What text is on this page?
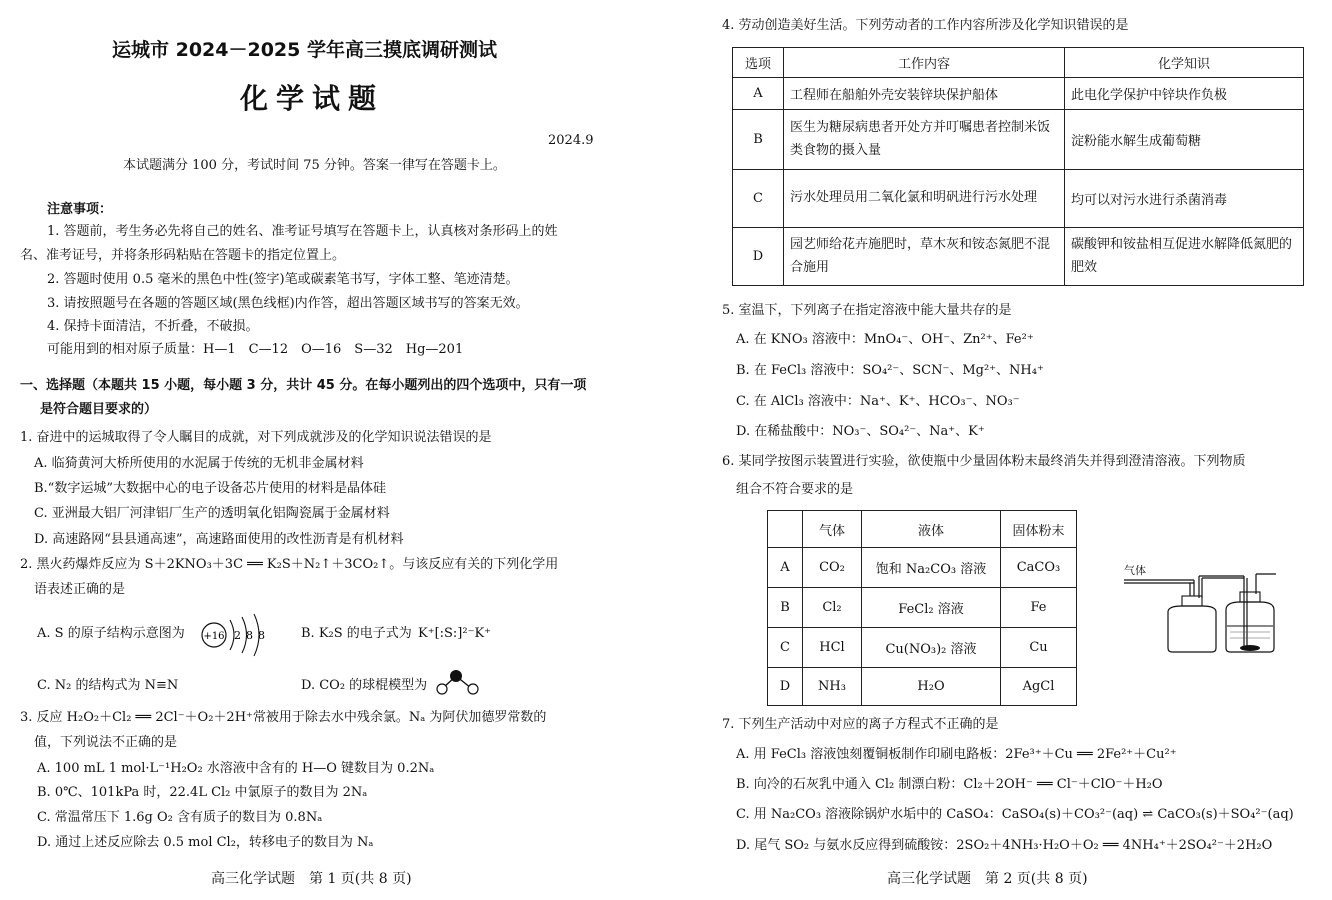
运城市 2024－2025 学年高三摸底调研测试
化学试题
2024.9
本试题满分 100 分，考试时间 75 分钟。答案一律写在答题卡上。
注意事项：
1. 答题前，考生务必先将自己的姓名、准考证号填写在答题卡上，认真核对条形码上的姓
名、准考证号，并将条形码粘贴在答题卡的指定位置上。
2. 答题时使用 0.5 毫米的黑色中性(签字)笔或碳素笔书写，字体工整、笔迹清楚。
3. 请按照题号在各题的答题区域(黑色线框)内作答，超出答题区域书写的答案无效。
4. 保持卡面清洁，不折叠，不破损。
可能用到的相对原子质量：H—1　C—12　O—16　S—32　Hg—201
一、选择题（本题共 15 小题，每小题 3 分，共计 45 分。在每小题列出的四个选项中，只有一项
是符合题目要求的）
1. 奋进中的运城取得了令人瞩目的成就，对下列成就涉及的化学知识说法错误的是
A. 临猗黄河大桥所使用的水泥属于传统的无机非金属材料
B.“数字运城”大数据中心的电子设备芯片使用的材料是晶体硅
C. 亚洲最大铝厂河津铝厂生产的透明氧化铝陶瓷属于金属材料
D. 高速路网“县县通高速”，高速路面使用的改性沥青是有机材料
2. 黑火药爆炸反应为 S＋2KNO₃＋3C ══ K₂S＋N₂↑＋3CO₂↑。与该反应有关的下列化学用
语表述正确的是
A. S 的原子结构示意图为 +16 2 8 8	B. K₂S 的电子式为 K⁺[:S:]²⁻K⁺
C. N₂ 的结构式为 N≡N	D. CO₂ 的球棍模型为
3. 反应 H₂O₂＋Cl₂ ══ 2Cl⁻＋O₂＋2H⁺常被用于除去水中残余氯。Nₐ 为阿伏加德罗常数的
值，下列说法不正确的是
A. 100 mL 1 mol·L⁻¹H₂O₂ 水溶液中含有的 H—O 键数目为 0.2Nₐ
B. 0℃、101kPa 时，22.4L Cl₂ 中氯原子的数目为 2Nₐ
C. 常温常压下 1.6g O₂ 含有质子的数目为 0.8Nₐ
D. 通过上述反应除去 0.5 mol Cl₂，转移电子的数目为 Nₐ
高三化学试题　第 1 页(共 8 页)
4. 劳动创造美好生活。下列劳动者的工作内容所涉及化学知识错误的是
选项	工作内容	化学知识
A	工程师在船舶外壳安装锌块保护船体	此电化学保护中锌块作负极
B	医生为糖尿病患者开处方并叮嘱患者控制米饭类食物的摄入量	淀粉能水解生成葡萄糖
C	污水处理员用二氧化氯和明矾进行污水处理	均可以对污水进行杀菌消毒
D	园艺师给花卉施肥时，草木灰和铵态氮肥不混合施用	碳酸钾和铵盐相互促进水解降低氮肥的肥效
5. 室温下，下列离子在指定溶液中能大量共存的是
A. 在 KNO₃ 溶液中：MnO₄⁻、OH⁻、Zn²⁺、Fe²⁺
B. 在 FeCl₃ 溶液中：SO₄²⁻、SCN⁻、Mg²⁺、NH₄⁺
C. 在 AlCl₃ 溶液中：Na⁺、K⁺、HCO₃⁻、NO₃⁻
D. 在稀盐酸中：NO₃⁻、SO₄²⁻、Na⁺、K⁺
6. 某同学按图示装置进行实验，欲使瓶中少量固体粉末最终消失并得到澄清溶液。下列物质
组合不符合要求的是
	气体	液体	固体粉末
A	CO₂	饱和 Na₂CO₃ 溶液	CaCO₃
B	Cl₂	FeCl₂ 溶液	Fe
C	HCl	Cu(NO₃)₂ 溶液	Cu
D	NH₃	H₂O	AgCl
气体
7. 下列生产活动中对应的离子方程式不正确的是
A. 用 FeCl₃ 溶液蚀刻覆铜板制作印刷电路板：2Fe³⁺＋Cu ══ 2Fe²⁺＋Cu²⁺
B. 向冷的石灰乳中通入 Cl₂ 制漂白粉：Cl₂＋2OH⁻ ══ Cl⁻＋ClO⁻＋H₂O
C. 用 Na₂CO₃ 溶液除锅炉水垢中的 CaSO₄：CaSO₄(s)＋CO₃²⁻(aq) ⇌ CaCO₃(s)＋SO₄²⁻(aq)
D. 尾气 SO₂ 与氨水反应得到硫酸铵：2SO₂＋4NH₃·H₂O＋O₂ ══ 4NH₄⁺＋2SO₄²⁻＋2H₂O
高三化学试题　第 2 页(共 8 页)
